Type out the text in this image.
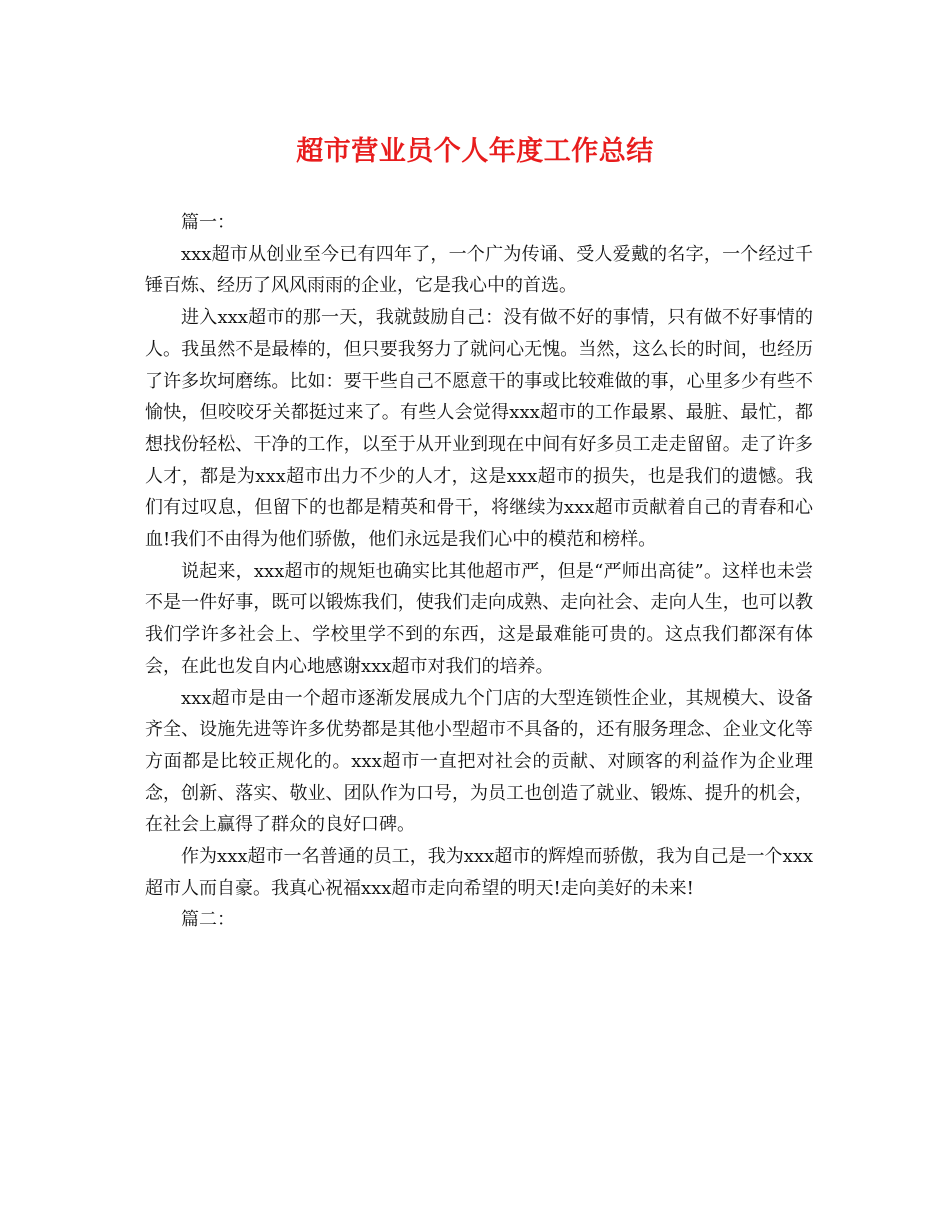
超市营业员个人年度工作总结

篇一：

xxx超市从创业至今已有四年了，一个广为传诵、受人爱戴的名字，一个经过千锤百炼、经历了风风雨雨的企业，它是我心中的首选。

进入xxx超市的那一天，我就鼓励自己：没有做不好的事情，只有做不好事情的人。我虽然不是最棒的，但只要我努力了就问心无愧。当然，这么长的时间，也经历了许多坎坷磨练。比如：要干些自己不愿意干的事或比较难做的事，心里多少有些不愉快，但咬咬牙关都挺过来了。有些人会觉得xxx超市的工作最累、最脏、最忙，都想找份轻松、干净的工作，以至于从开业到现在中间有好多员工走走留留。走了许多人才，都是为xxx超市出力不少的人才，这是xxx超市的损失，也是我们的遗憾。我们有过叹息，但留下的也都是精英和骨干，将继续为xxx超市贡献着自己的青春和心血!我们不由得为他们骄傲，他们永远是我们心中的模范和榜样。

说起来，xxx超市的规矩也确实比其他超市严，但是“严师出高徒”。这样也未尝不是一件好事，既可以锻炼我们，使我们走向成熟、走向社会、走向人生，也可以教我们学许多社会上、学校里学不到的东西，这是最难能可贵的。这点我们都深有体会，在此也发自内心地感谢xxx超市对我们的培养。

xxx超市是由一个超市逐渐发展成九个门店的大型连锁性企业，其规模大、设备齐全、设施先进等许多优势都是其他小型超市不具备的，还有服务理念、企业文化等方面都是比较正规化的。xxx超市一直把对社会的贡献、对顾客的利益作为企业理念，创新、落实、敬业、团队作为口号，为员工也创造了就业、锻炼、提升的机会，在社会上赢得了群众的良好口碑。

作为xxx超市一名普通的员工，我为xxx超市的辉煌而骄傲，我为自己是一个xxx超市人而自豪。我真心祝福xxx超市走向希望的明天!走向美好的未来!

篇二：
